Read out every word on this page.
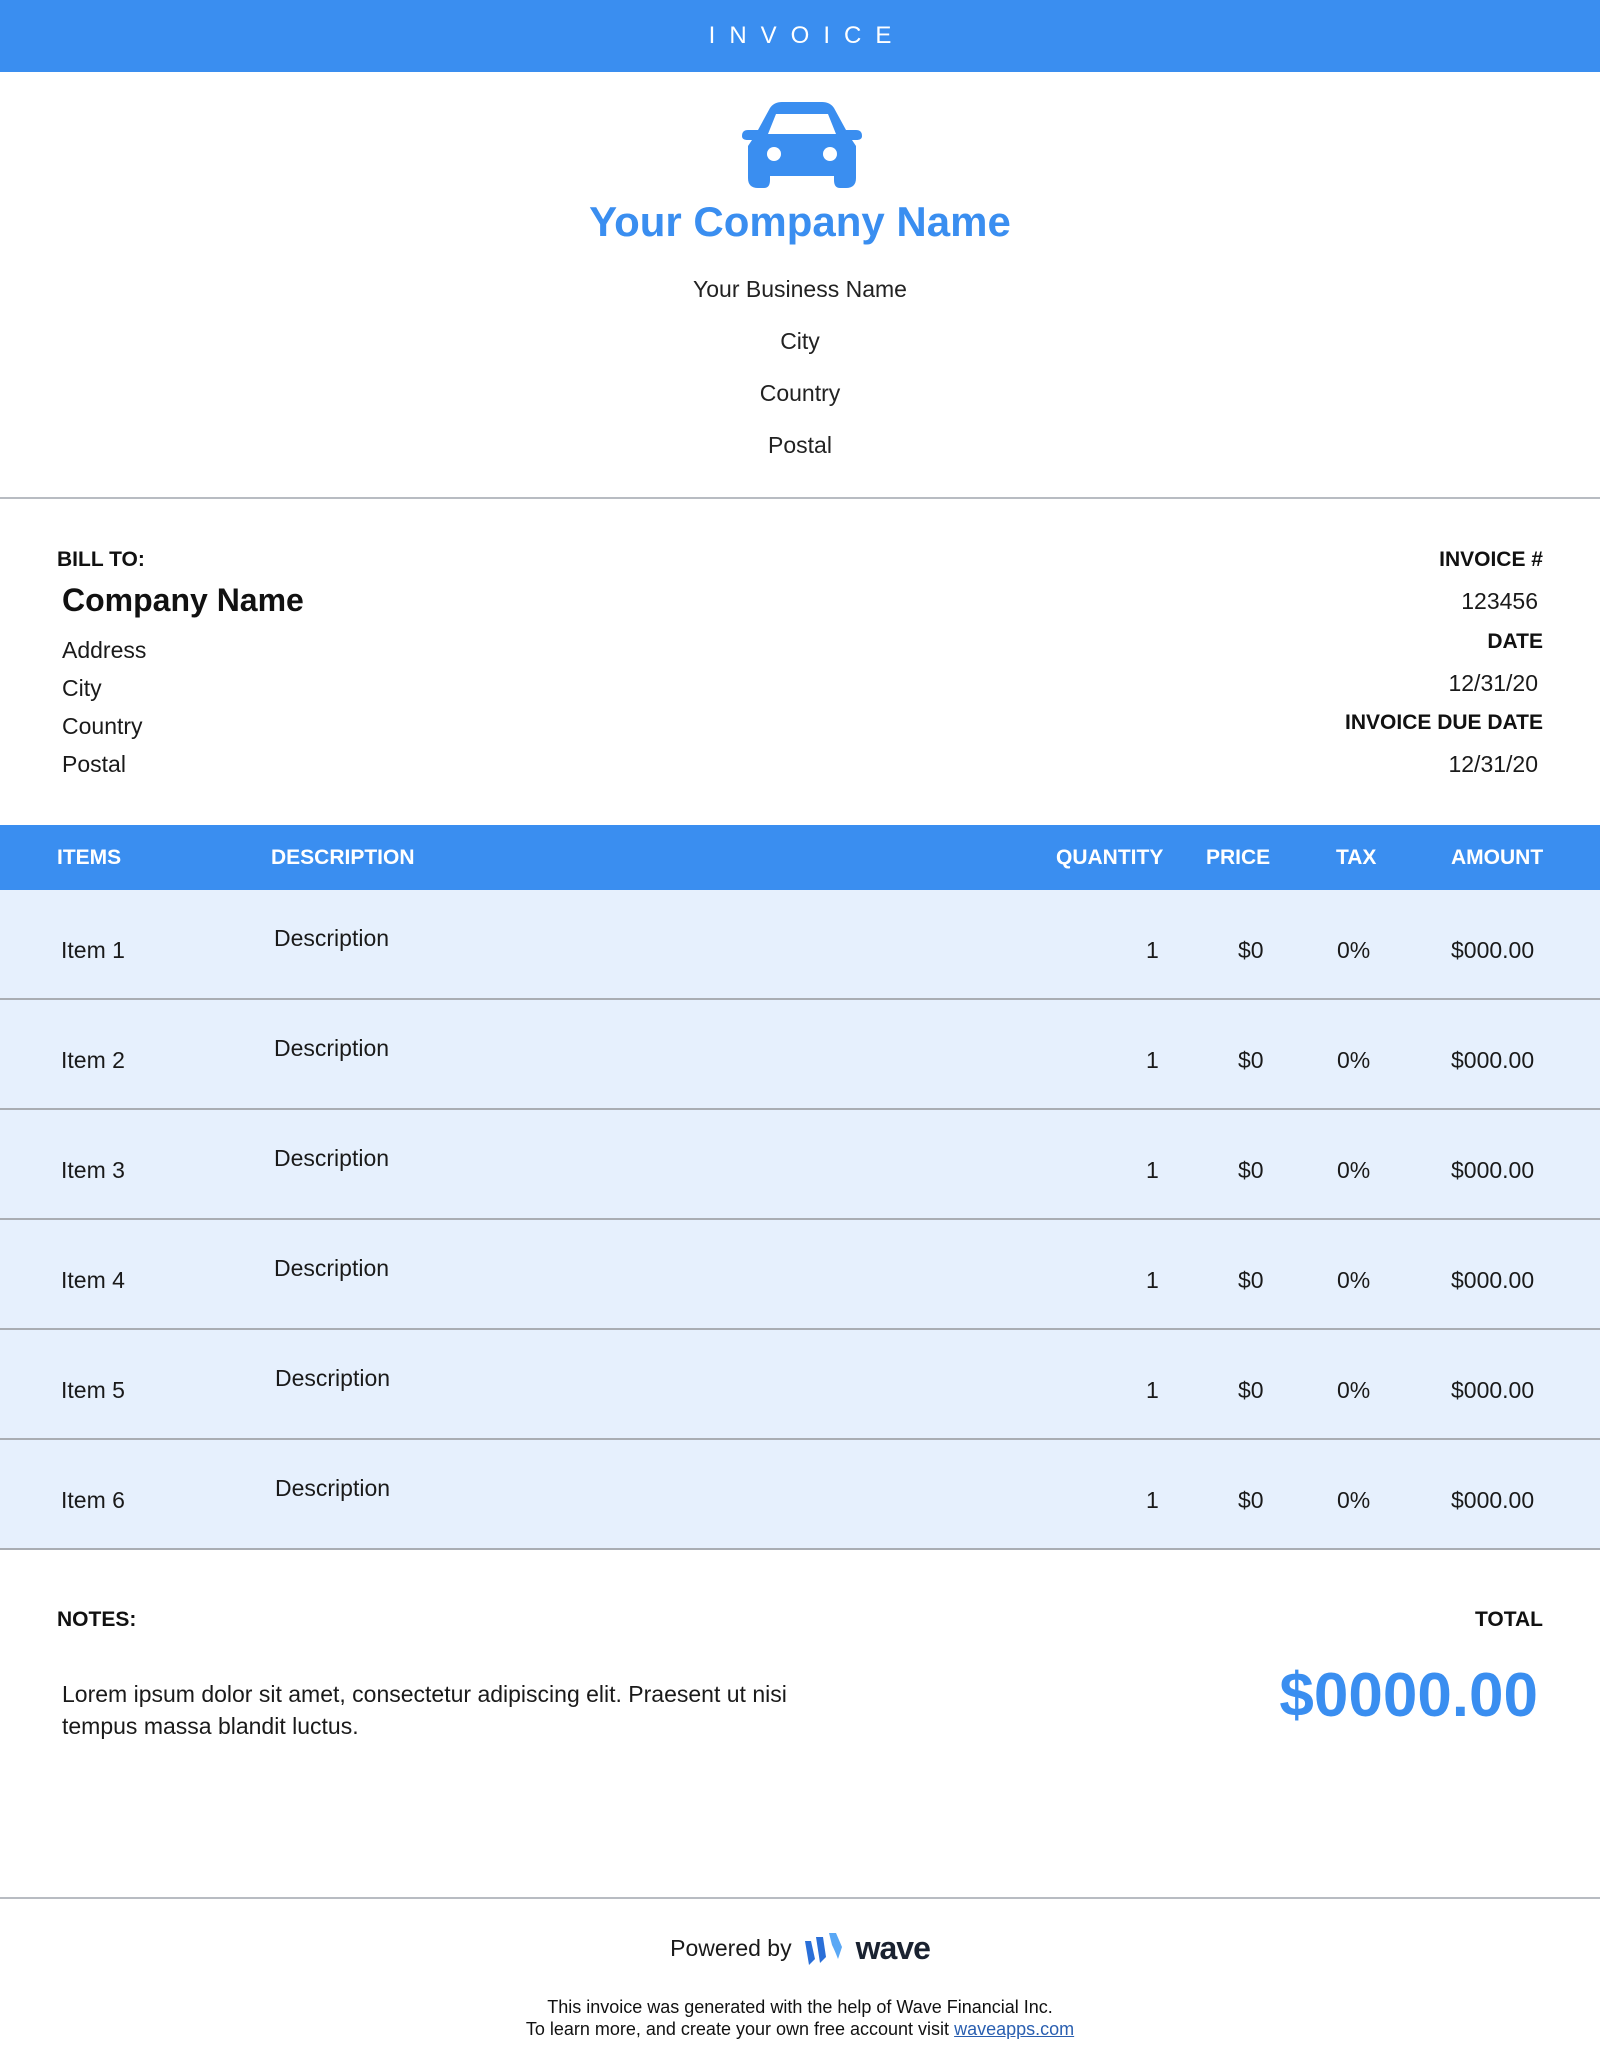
INVOICE
Your Company Name
Your Business Name
City
Country
Postal
BILL TO:
Company Name
Address
City
Country
Postal
INVOICE #
123456
DATE
12/31/20
INVOICE DUE DATE
12/31/20
ITEMS	DESCRIPTION	QUANTITY PRICE	TAX	AMOUNT
Item 1	Description	1	$0	0%	$000.00
Item 2	Description	1	$0	0%	$000.00
Item 3	Description	1	$0	0%	$000.00
Item 4	Description	1	$0	0%	$000.00
Item 5	Description	1	$0	0%	$000.00
Item 6	Description	1	$0	0%	$000.00
NOTES:
Lorem ipsum dolor sit amet, consectetur adipiscing elit. Praesent ut nisi tempus massa blandit luctus.
TOTAL
$0000.00
Powered by wave
This invoice was generated with the help of Wave Financial Inc.
To learn more, and create your own free account visit waveapps.com
